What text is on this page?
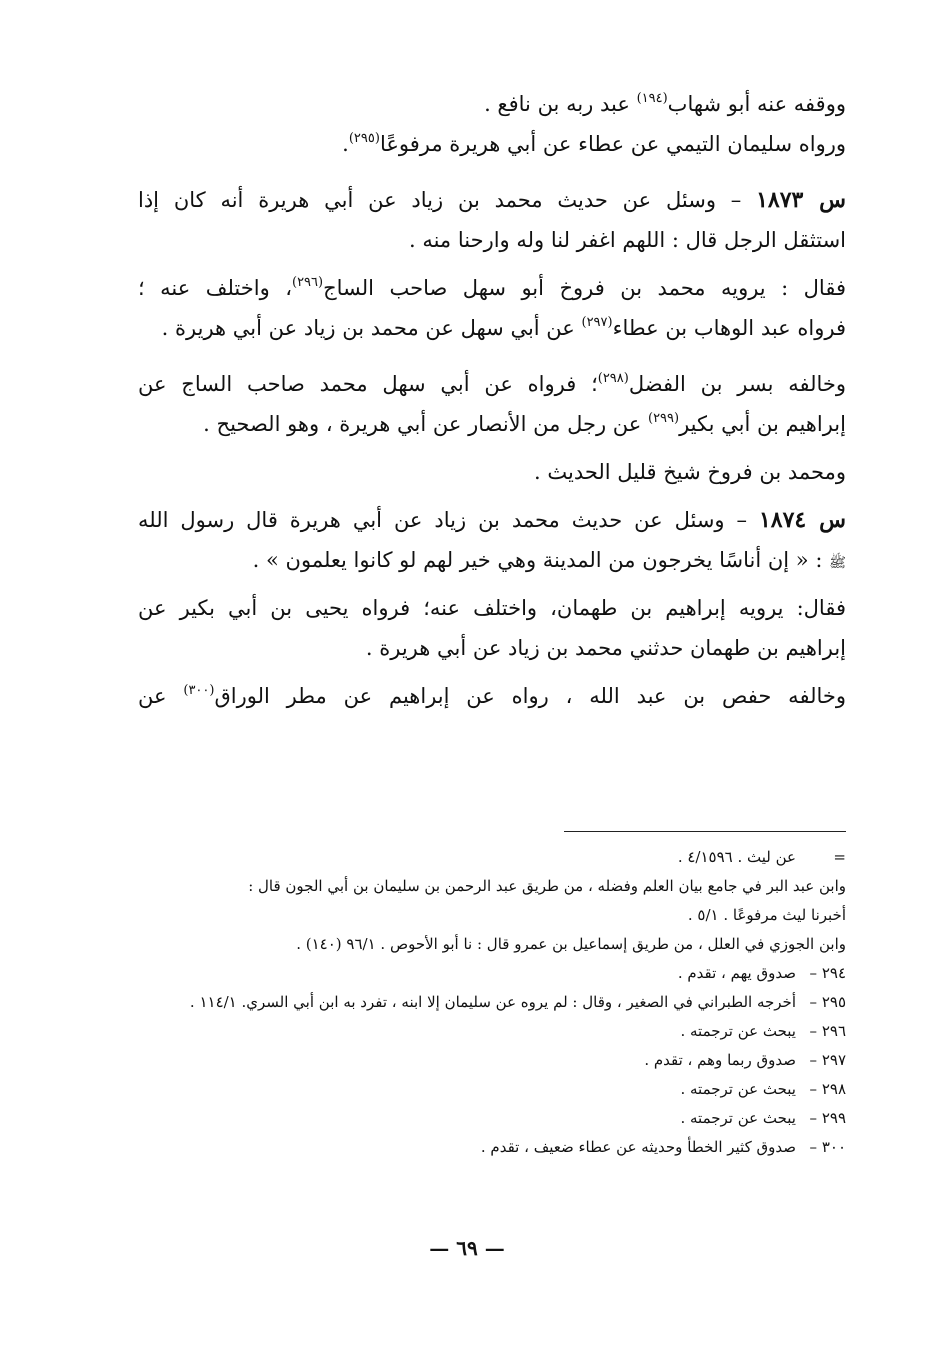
ووقفه عنه أبو شهاب$^{(١٩٤)}$ عبد ربه بن نافع .
ورواه سليمان التيمي عن عطاء عن أبي هريرة مرفوعًا$^{(٢٩٥)}$.
س ١٨٧٣ – وسئل عن حديث محمد بن زياد عن أبي هريرة أنه كان إذا
استثقل الرجل قال : اللهم اغفر لنا وله وارحنا منه .
فقال : يرويه محمد بن فروخ أبو سهل صاحب الساج$^{(٢٩٦)}$، واختلف عنه ؛
فرواه عبد الوهاب بن عطاء$^{(٢٩٧)}$ عن أبي سهل عن محمد بن زياد عن أبي هريرة .
وخالفه بسر بن الفضل$^{(٢٩٨)}$؛ فرواه عن أبي سهل محمد صاحب الساج عن
إبراهيم بن أبي بكير$^{(٢٩٩)}$ عن رجل من الأنصار عن أبي هريرة ، وهو الصحيح .
ومحمد بن فروخ شيخ قليل الحديث .
س ١٨٧٤ – وسئل عن حديث محمد بن زياد عن أبي هريرة قال رسول الله
ﷺ : « إن أناسًا يخرجون من المدينة وهي خير لهم لو كانوا يعلمون » .
فقال: يرويه إبراهيم بن طهمان، واختلف عنه؛ فرواه يحيى بن أبي بكير عن
إبراهيم بن طهمان حدثني محمد بن زياد عن أبي هريرة .
وخالفه حفص بن عبد الله ، رواه عن إبراهيم عن مطر الوراق$^{(٣٠٠)}$ عن
=
عن ليث . ٤/١٥٩٦ .
وابن عبد البر في جامع بيان العلم وفضله ، من طريق عبد الرحمن بن سليمان بن أبي الجون قال :
أخبرنا ليث مرفوعًا . ٥/١ .
وابن الجوزي في العلل ، من طريق إسماعيل بن عمرو قال : نا أبو الأحوص . ٩٦/١ (١٤٠) .
٢٩٤ –صدوق يهم ، تقدم .
٢٩٥ –أخرجه الطبراني في الصغير ، وقال : لم يروه عن سليمان إلا ابنه ، تفرد به ابن أبي السري. ١١٤/١ .
٢٩٦ –يبحث عن ترجمته .
٢٩٧ –صدوق ربما وهم ، تقدم .
٢٩٨ –يبحث عن ترجمته .
٢٩٩ –يبحث عن ترجمته .
٣٠٠ –صدوق كثير الخطأ وحديثه عن عطاء ضعيف ، تقدم .
— ٦٩ —
